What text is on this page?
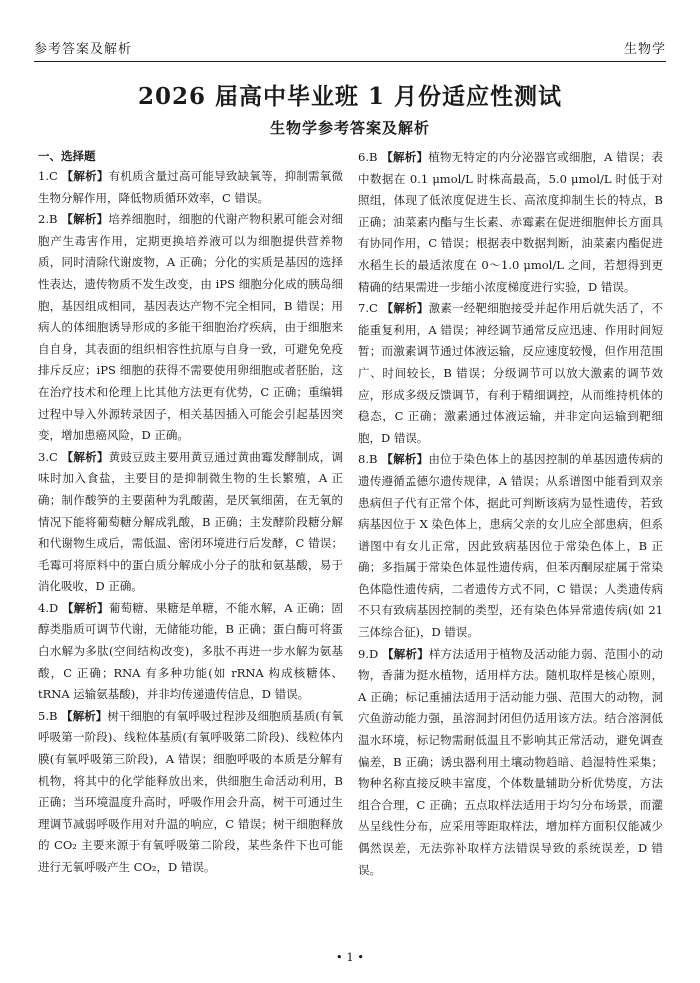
参考答案及解析	生物学
2026 届高中毕业班 1 月份适应性测试
生物学参考答案及解析
一、选择题

1.C 【解析】有机质含量过高可能导致缺氧等，抑制需氧微生物分解作用，降低物质循环效率，C 错误。

2.B 【解析】培养细胞时，细胞的代谢产物积累可能会对细胞产生毒害作用，定期更换培养液可以为细胞提供营养物质，同时清除代谢废物，A 正确；分化的实质是基因的选择性表达，遗传物质不发生改变，由 iPS 细胞分化成的胰岛细胞，基因组成相同，基因表达产物不完全相同，B 错误；用病人的体细胞诱导形成的多能干细胞治疗疾病，由于细胞来自自身，其表面的组织相容性抗原与自身一致，可避免免疫排斥反应；iPS 细胞的获得不需要使用卵细胞或者胚胎，这在治疗技术和伦理上比其他方法更有优势，C 正确；重编辑过程中导入外源转录因子，相关基因插入可能会引起基因突变，增加患癌风险，D 正确。

3.C 【解析】黄豉豆豉主要用黄豆通过黄曲霉发酵制成，调味时加入食盐，主要目的是抑制微生物的生长繁殖，A 正确；制作酸笋的主要菌种为乳酸菌，是厌氧细菌，在无氧的情况下能将葡萄糖分解成乳酸，B 正确；主发酵阶段糖分解和代谢物生成后，需低温、密闭环境进行后发酵，C 错误；毛霉可将原料中的蛋白质分解成小分子的肽和氨基酸，易于消化吸收，D 正确。

4.D 【解析】葡萄糖、果糖是单糖，不能水解，A 正确；固醇类脂质可调节代谢，无储能功能，B 正确；蛋白酶可将蛋白水解为多肽(空间结构改变)，多肽不再进一步水解为氨基酸，C 正确；RNA 有多种功能(如 rRNA 构成核糖体、tRNA 运输氨基酸)，并非均传递遗传信息，D 错误。

5.B 【解析】树干细胞的有氧呼吸过程涉及细胞质基质(有氧呼吸第一阶段)、线粒体基质(有氧呼吸第二阶段)、线粒体内膜(有氧呼吸第三阶段)，A 错误；细胞呼吸的本质是分解有机物，将其中的化学能释放出来，供细胞生命活动利用，B 正确；当环境温度升高时，呼吸作用会升高，树干可通过生理调节减弱呼吸作用对升温的响应，C 错误；树干细胞释放的 CO₂ 主要来源于有氧呼吸第二阶段，某些条件下也可能进行无氧呼吸产生 CO₂，D 错误。

6.B 【解析】植物无特定的内分泌器官或细胞，A 错误；表中数据在 0.1 μmol/L 时株高最高，5.0 μmol/L 时低于对照组，体现了低浓度促进生长、高浓度抑制生长的特点，B 正确；油菜素内酯与生长素、赤霉素在促进细胞伸长方面具有协同作用，C 错误；根据表中数据判断，油菜素内酯促进水稻生长的最适浓度在 0～1.0 μmol/L 之间，若想得到更精确的结果需进一步缩小浓度梯度进行实验，D 错误。

7.C 【解析】激素一经靶细胞接受并起作用后就失活了，不能重复利用，A 错误；神经调节通常反应迅速、作用时间短暂；而激素调节通过体液运输，反应速度较慢，但作用范围广、时间较长，B 错误；分级调节可以放大激素的调节效应，形成多级反馈调节，有利于精细调控，从而维持机体的稳态，C 正确；激素通过体液运输，并非定向运输到靶细胞，D 错误。

8.B 【解析】由位于染色体上的基因控制的单基因遗传病的遗传遵循孟德尔遗传规律，A 错误；从系谱图中能看到双亲患病但子代有正常个体，据此可判断该病为显性遗传，若致病基因位于 X 染色体上，患病父亲的女儿应全部患病，但系谱图中有女儿正常，因此致病基因位于常染色体上，B 正确；多指属于常染色体显性遗传病，但苯丙酮尿症属于常染色体隐性遗传病，二者遗传方式不同，C 错误；人类遗传病不只有致病基因控制的类型，还有染色体异常遗传病(如 21 三体综合征)，D 错误。

9.D 【解析】样方法适用于植物及活动能力弱、范围小的动物，香蒲为挺水植物，适用样方法。随机取样是核心原则，A 正确；标记重捕法适用于活动能力强、范围大的动物，洞穴鱼游动能力强，虽溶洞封闭但仍适用该方法。结合溶洞低温水环境，标记物需耐低温且不影响其正常活动，避免调查偏差，B 正确；诱虫器利用土壤动物趋暗、趋湿特性采集；物种名称直接反映丰富度，个体数量辅助分析优势度，方法组合合理，C 正确；五点取样法适用于均匀分布场景，而灌丛呈线性分布，应采用等距取样法，增加样方面积仅能减少偶然误差，无法弥补取样方法错误导致的系统误差，D 错误。

• 1 •
